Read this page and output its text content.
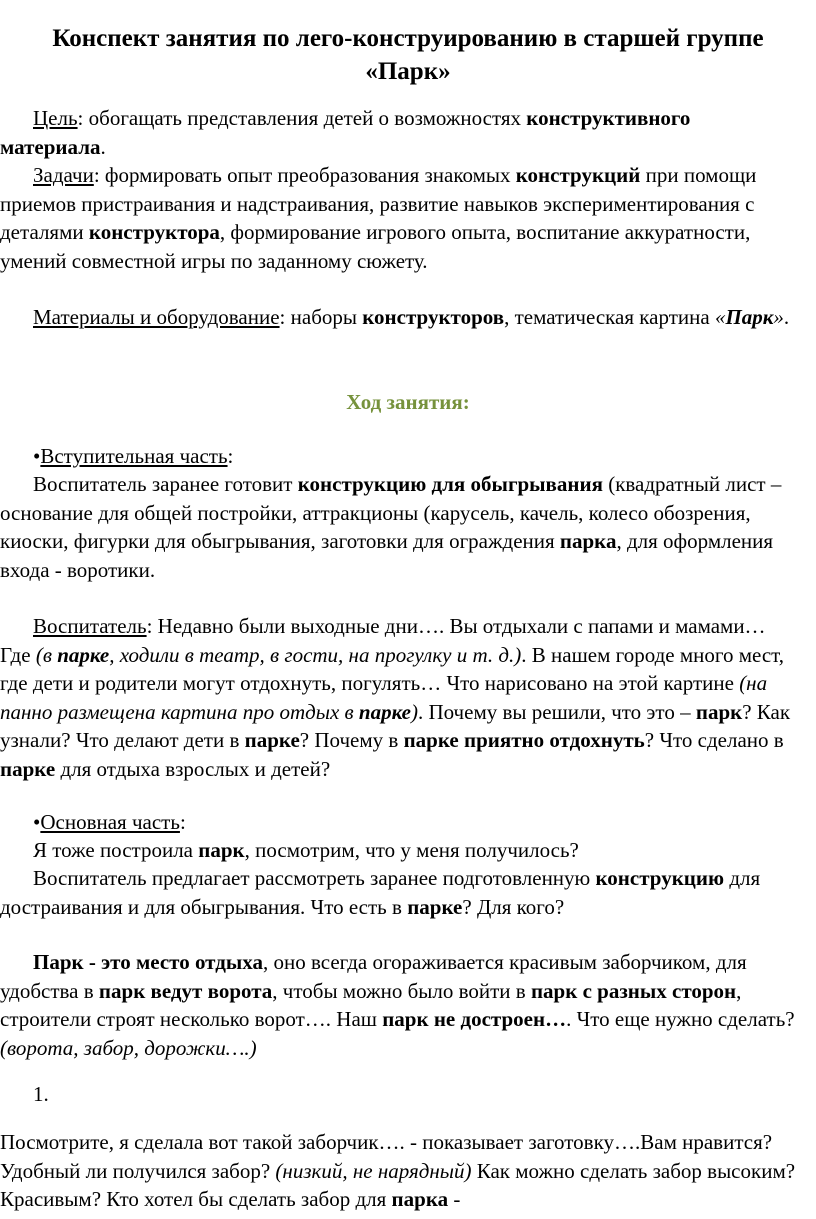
Конспект занятия по лего-конструированию в старшей группе «Парк»

Цель: обогащать представления детей о возможностях конструктивного материала.

Задачи: формировать опыт преобразования знакомых конструкций при помощи приемов пристраивания и надстраивания, развитие навыков экспериментирования с деталями конструктора, формирование игрового опыта, воспитание аккуратности, умений совместной игры по заданному сюжету.

Материалы и оборудование: наборы конструкторов, тематическая картина «Парк».

Ход занятия:

•Вступительная часть:

Воспитатель заранее готовит конструкцию для обыгрывания (квадратный лист –основание для общей постройки, аттракционы (карусель, качель, колесо обозрения, киоски, фигурки для обыгрывания, заготовки для ограждения парка, для оформления входа - воротики.

Воспитатель: Недавно были выходные дни…. Вы отдыхали с папами и мамами… Где (в парке, ходили в театр, в гости, на прогулку и т. д.). В нашем городе много мест, где дети и родители могут отдохнуть, погулять… Что нарисовано на этой картине (на панно размещена картина про отдых в парке). Почему вы решили, что это – парк? Как узнали? Что делают дети в парке? Почему в парке приятно отдохнуть? Что сделано в парке для отдыха взрослых и детей?

•Основная часть:

Я тоже построила парк, посмотрим, что у меня получилось?

Воспитатель предлагает рассмотреть заранее подготовленную конструкцию для достраивания и для обыгрывания. Что есть в парке? Для кого?

Парк - это место отдыха, оно всегда огораживается красивым заборчиком, для удобства в парк ведут ворота, чтобы можно было войти в парк с разных сторон, строители строят несколько ворот…. Наш парк не достроен…. Что еще нужно сделать? (ворота, забор, дорожки….)

1.

Посмотрите, я сделала вот такой заборчик…. - показывает заготовку….Вам нравится? Удобный ли получился забор? (низкий, не нарядный) Как можно сделать забор высоким? Красивым? Кто хотел бы сделать забор для парка -
